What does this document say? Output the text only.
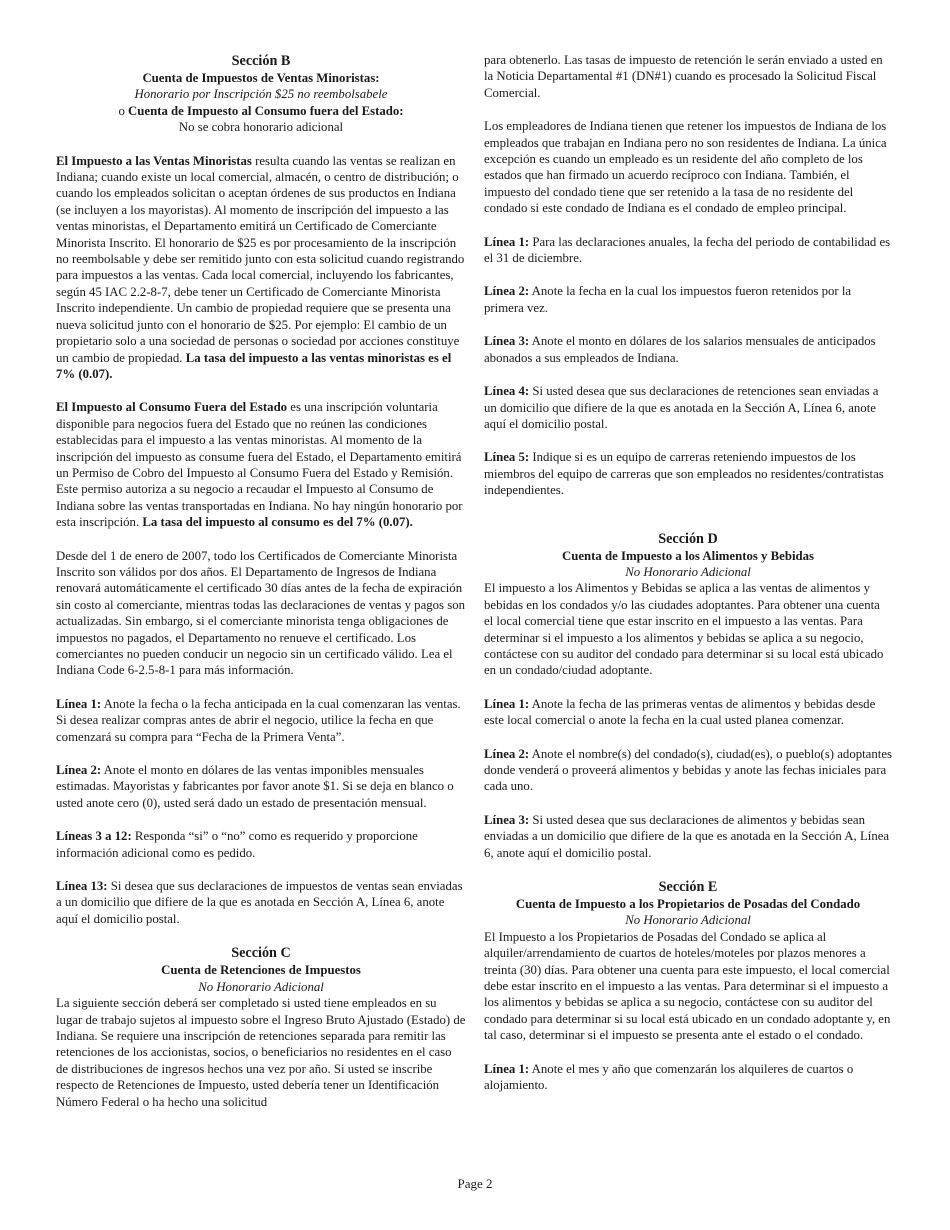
Sección B
Cuenta de Impuestos de Ventas Minoristas:
Honorario por Inscripción $25 no reembolsabele
o Cuenta de Impuesto al Consumo fuera del Estado:
No se cobra honorario adicional

El Impuesto a las Ventas Minoristas resulta cuando las ventas se realizan en Indiana; cuando existe un local comercial, almacén, o centro de distribución; o cuando los empleados solicitan o aceptan órdenes de sus productos en Indiana (se incluyen a los mayoristas). Al momento de inscripción del impuesto a las ventas minoristas, el Departamento emitirá un Certificado de Comerciante Minorista Inscrito. El honorario de $25 es por procesamiento de la inscripción no reembolsable y debe ser remitido junto con esta solicitud cuando registrando para impuestos a las ventas. Cada local comercial, incluyendo los fabricantes, según 45 IAC 2.2-8-7, debe tener un Certificado de Comerciante Minorista Inscrito independiente. Un cambio de propiedad requiere que se presenta una nueva solicitud junto con el honorario de $25. Por ejemplo: El cambio de un propietario solo a una sociedad de personas o sociedad por acciones constituye un cambio de propiedad. La tasa del impuesto a las ventas minoristas es el 7% (0.07).

El Impuesto al Consumo Fuera del Estado es una inscripción voluntaria disponible para negocios fuera del Estado que no reúnen las condiciones establecidas para el impuesto a las ventas minoristas. Al momento de la inscripción del impuesto as consume fuera del Estado, el Departamento emitirá un Permiso de Cobro del Impuesto al Consumo Fuera del Estado y Remisión. Este permiso autoriza a su negocio a recaudar el Impuesto al Consumo de Indiana sobre las ventas transportadas en Indiana. No hay ningún honorario por esta inscripción. La tasa del impuesto al consumo es del 7% (0.07).

Desde del 1 de enero de 2007, todo los Certificados de Comerciante Minorista Inscrito son válidos por dos años. El Departamento de Ingresos de Indiana renovará automáticamente el certificado 30 días antes de la fecha de expiración sin costo al comerciante, mientras todas las declaraciones de ventas y pagos son actualizadas. Sin embargo, si el comerciante minorista tenga obligaciones de impuestos no pagados, el Departamento no renueve el certificado. Los comerciantes no pueden conducir un negocio sin un certificado válido. Lea el Indiana Code 6-2.5-8-1 para más información.

Línea 1: Anote la fecha o la fecha anticipada en la cual comenzaran las ventas. Si desea realizar compras antes de abrir el negocio, utilice la fecha en que comenzará su compra para “Fecha de la Primera Venta”.

Línea 2: Anote el monto en dólares de las ventas imponibles mensuales estimadas. Mayoristas y fabricantes por favor anote $1. Si se deja en blanco o usted anote cero (0), usted será dado un estado de presentación mensual.

Líneas 3 a 12: Responda “si” o “no” como es requerido y proporcione información adicional como es pedido.

Línea 13: Si desea que sus declaraciones de impuestos de ventas sean enviadas a un domicilio que difiere de la que es anotada en Sección A, Línea 6, anote aquí el domicilio postal.

Sección C
Cuenta de Retenciones de Impuestos
No Honorario Adicional

La siguiente sección deberá ser completado si usted tiene empleados en su lugar de trabajo sujetos al impuesto sobre el Ingreso Bruto Ajustado (Estado) de Indiana. Se requiere una inscripción de retenciones separada para remitir las retenciones de los accionistas, socios, o beneficiarios no residentes en el caso de distribuciones de ingresos hechos una vez por año. Si usted se inscribe respecto de Retenciones de Impuesto, usted debería tener un Identificación Número Federal o ha hecho una solicitud

para obtenerlo. Las tasas de impuesto de retención le serán enviado a usted en la Noticia Departamental #1 (DN#1) cuando es procesado la Solicitud Fiscal Comercial.

Los empleadores de Indiana tienen que retener los impuestos de Indiana de los empleados que trabajan en Indiana pero no son residentes de Indiana. La única excepción es cuando un empleado es un residente del año completo de los estados que han firmado un acuerdo recíproco con Indiana. También, el impuesto del condado tiene que ser retenido a la tasa de no residente del condado si este condado de Indiana es el condado de empleo principal.

Línea 1: Para las declaraciones anuales, la fecha del periodo de contabilidad es el 31 de diciembre.

Línea 2: Anote la fecha en la cual los impuestos fueron retenidos por la primera vez.

Línea 3: Anote el monto en dólares de los salarios mensuales de anticipados abonados a sus empleados de Indiana.

Línea 4: Si usted desea que sus declaraciones de retenciones sean enviadas a un domicilio que difiere de la que es anotada en la Sección A, Línea 6, anote aquí el domicilio postal.

Línea 5: Indique si es un equipo de carreras reteniendo impuestos de los miembros del equipo de carreras que son empleados no residentes/contratistas independientes.

Sección D
Cuenta de Impuesto a los Alimentos y Bebidas
No Honorario Adicional

El impuesto a los Alimentos y Bebidas se aplica a las ventas de alimentos y bebidas en los condados y/o las ciudades adoptantes. Para obtener una cuenta el local comercial tiene que estar inscrito en el impuesto a las ventas. Para determinar si el impuesto a los alimentos y bebidas se aplica a su negocio, contáctese con su auditor del condado para determinar si su local está ubicado en un condado/ciudad adoptante.

Línea 1: Anote la fecha de las primeras ventas de alimentos y bebidas desde este local comercial o anote la fecha en la cual usted planea comenzar.

Línea 2: Anote el nombre(s) del condado(s), ciudad(es), o pueblo(s) adoptantes donde venderá o proveerá alimentos y bebidas y anote las fechas iniciales para cada uno.

Línea 3: Si usted desea que sus declaraciones de alimentos y bebidas sean enviadas a un domicilio que difiere de la que es anotada en la Sección A, Línea 6, anote aquí el domicilio postal.

Sección E
Cuenta de Impuesto a los Propietarios de Posadas del Condado
No Honorario Adicional

El Impuesto a los Propietarios de Posadas del Condado se aplica al alquiler/arrendamiento de cuartos de hoteles/moteles por plazos menores a treinta (30) días. Para obtener una cuenta para este impuesto, el local comercial debe estar inscrito en el impuesto a las ventas. Para determinar si el impuesto a los alimentos y bebidas se aplica a su negocio, contáctese con su auditor del condado para determinar si su local está ubicado en un condado adoptante y, en tal caso, determinar si el impuesto se presenta ante el estado o el condado.

Línea 1: Anote el mes y año que comenzarán los alquileres de cuartos o alojamiento.

Page 2
